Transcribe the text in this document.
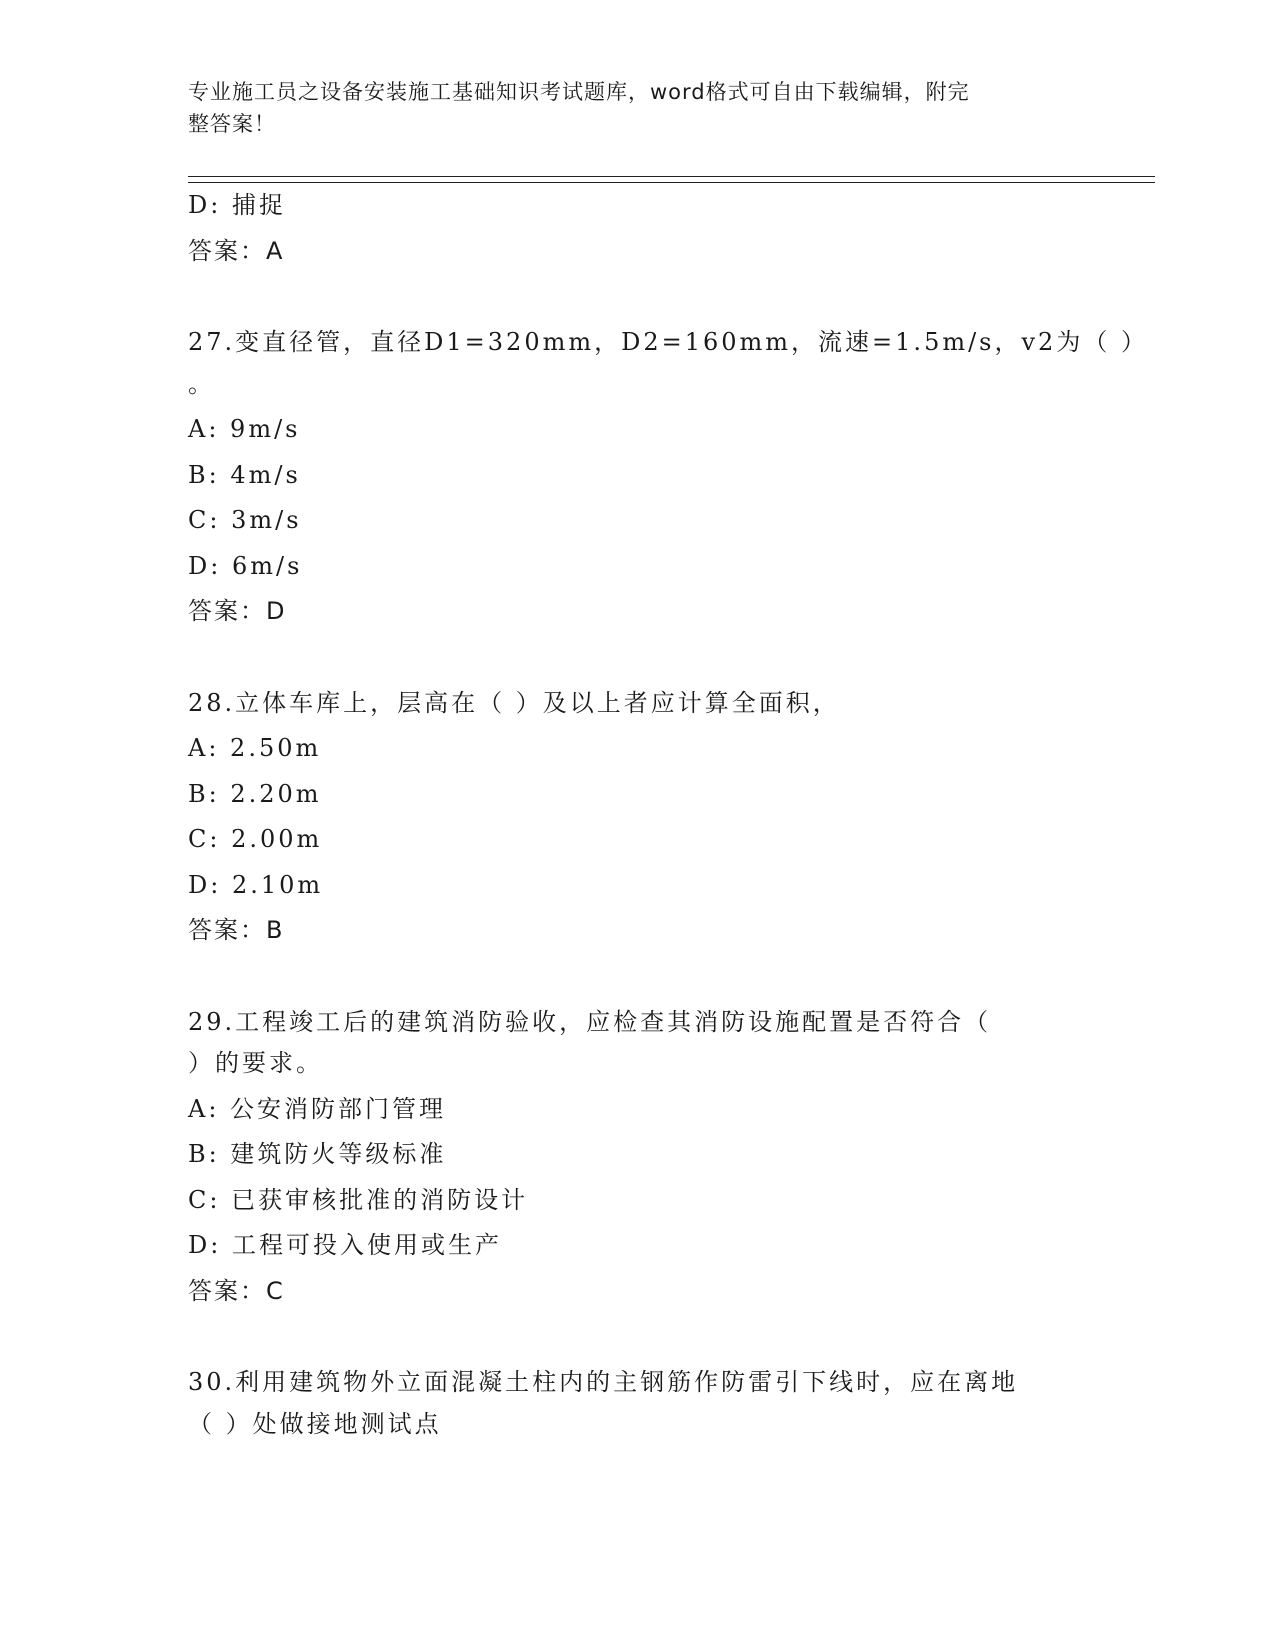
专业施工员之设备安装施工基础知识考试题库，word格式可自由下载编辑，附完
整答案！
D: 捕捉
答案：A
27.变直径管，直径D1=320mm，D2=160mm，流速=1.5m/s，v2为（ ）
。
A: 9m/s
B: 4m/s
C: 3m/s
D: 6m/s
答案：D
28.立体车库上，层高在（ ）及以上者应计算全面积，
A: 2.50m
B: 2.20m
C: 2.00m
D: 2.10m
答案：B
29.工程竣工后的建筑消防验收，应检查其消防设施配置是否符合（
）的要求。
A: 公安消防部门管理
B: 建筑防火等级标准
C: 已获审核批准的消防设计
D: 工程可投入使用或生产
答案：C
30.利用建筑物外立面混凝土柱内的主钢筋作防雷引下线时，应在离地
（ ）处做接地测试点
